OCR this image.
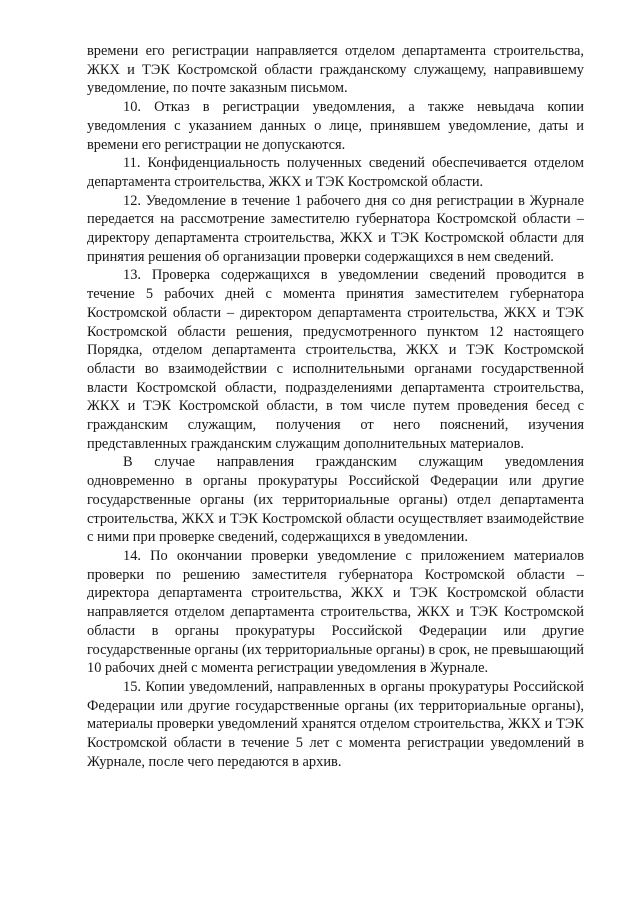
времени его регистрации направляется отделом департамента строительства, ЖКХ и ТЭК Костромской области гражданскому служащему, направившему уведомление, по почте заказным письмом.

10. Отказ в регистрации уведомления, а также невыдача копии уведомления с указанием данных о лице, принявшем уведомление, даты и времени его регистрации не допускаются.

11. Конфиденциальность полученных сведений обеспечивается отделом департамента строительства, ЖКХ и ТЭК Костромской области.

12. Уведомление в течение 1 рабочего дня со дня регистрации в Журнале передается на рассмотрение заместителю губернатора Костромской области – директору департамента строительства, ЖКХ и ТЭК Костромской области для принятия решения об организации проверки содержащихся в нем сведений.

13. Проверка содержащихся в уведомлении сведений проводится в течение 5 рабочих дней с момента принятия заместителем губернатора Костромской области – директором департамента строительства, ЖКХ и ТЭК Костромской области решения, предусмотренного пунктом 12 настоящего Порядка, отделом департамента строительства, ЖКХ и ТЭК Костромской области во взаимодействии с исполнительными органами государственной власти Костромской области, подразделениями департамента строительства, ЖКХ и ТЭК Костромской области, в том числе путем проведения бесед с гражданским служащим, получения от него пояснений, изучения представленных гражданским служащим дополнительных материалов.

В случае направления гражданским служащим уведомления одновременно в органы прокуратуры Российской Федерации или другие государственные органы (их территориальные органы) отдел департамента строительства, ЖКХ и ТЭК Костромской области осуществляет взаимодействие с ними при проверке сведений, содержащихся в уведомлении.

14. По окончании проверки уведомление с приложением материалов проверки по решению заместителя губернатора Костромской области – директора департамента строительства, ЖКХ и ТЭК Костромской области направляется отделом департамента строительства, ЖКХ и ТЭК Костромской области в органы прокуратуры Российской Федерации или другие государственные органы (их территориальные органы) в срок, не превышающий 10 рабочих дней с момента регистрации уведомления в Журнале.

15. Копии уведомлений, направленных в органы прокуратуры Российской Федерации или другие государственные органы (их территориальные органы), материалы проверки уведомлений хранятся отделом строительства, ЖКХ и ТЭК Костромской области в течение 5 лет с момента регистрации уведомлений в Журнале, после чего передаются в архив.
